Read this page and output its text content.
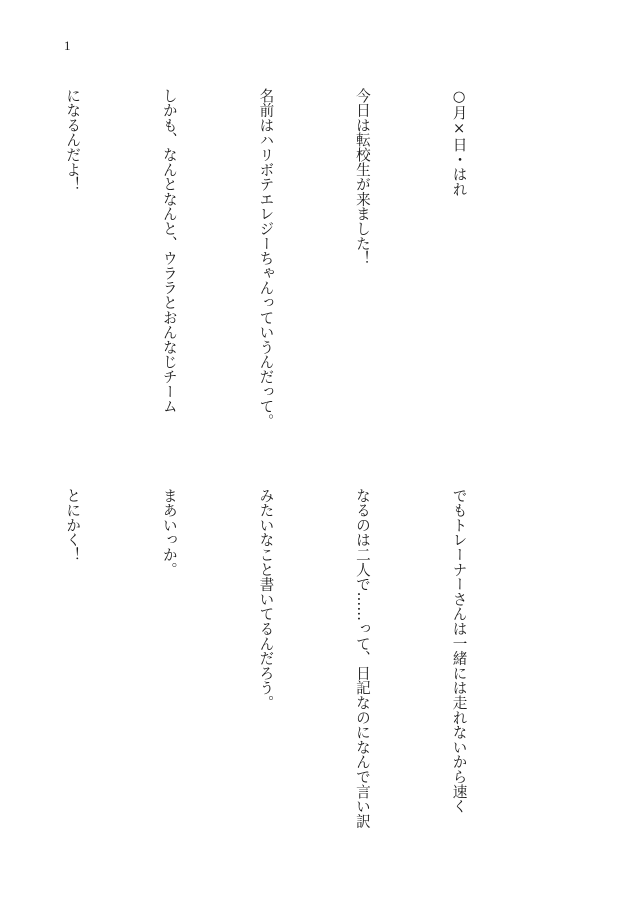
1

○月×日・はれ

今日は転校生が来ました！

名前はハリボテエレジーちゃんっていうんだって。

しかも、なんとなんと、ウララとおんなじチーム

になるんだよ！

でもトレーナーさんは一緒には走れないから速く

なるのは二人で……って、日記なのになんで言い訳

みたいなこと書いてるんだろう。

まあいっか。

とにかく！
